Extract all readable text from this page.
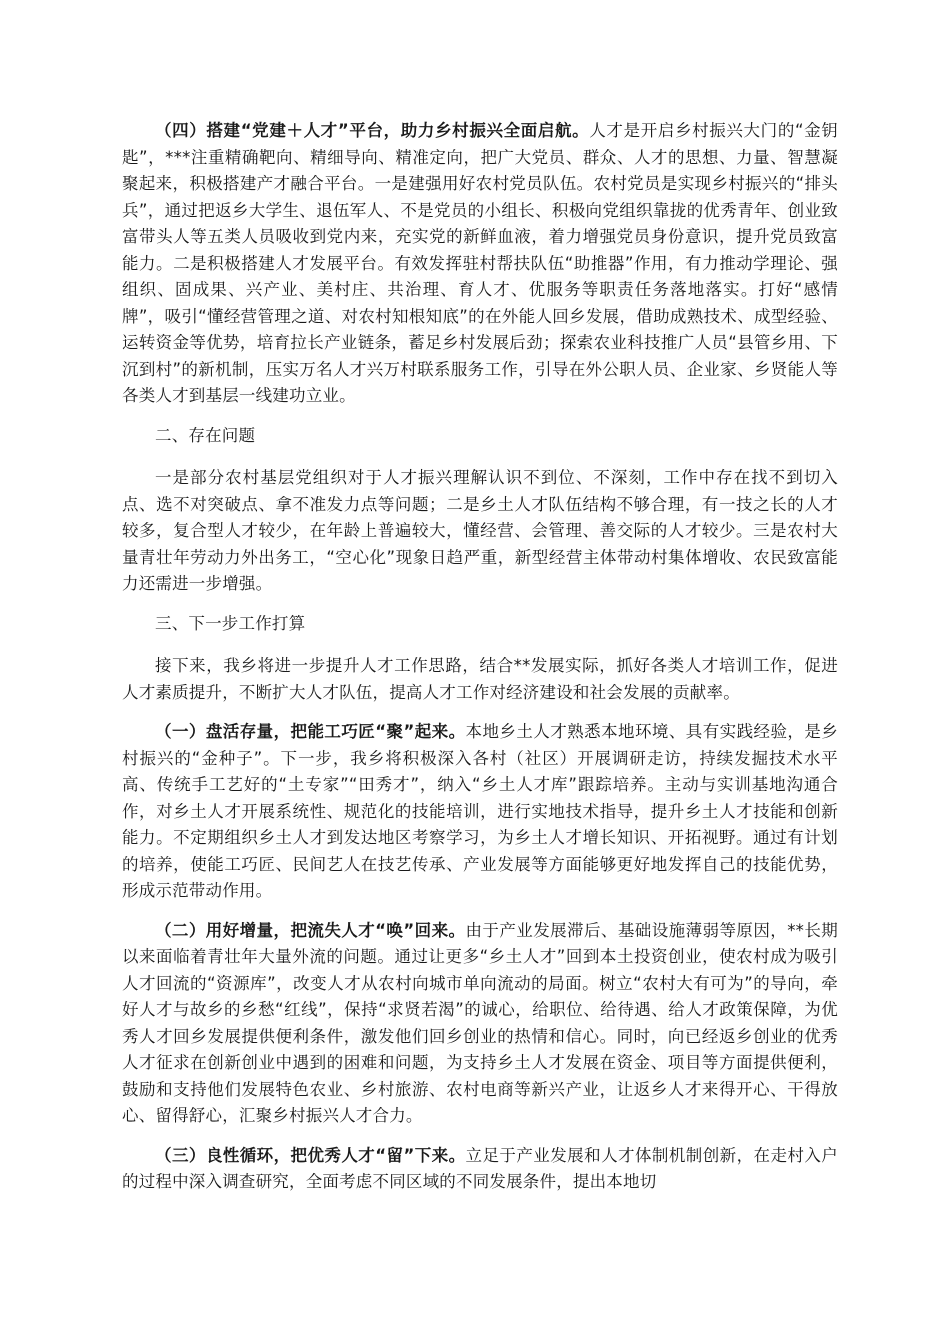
（四）搭建“党建＋人才”平台，助力乡村振兴全面启航。人才是开启乡村振兴大门的“金钥匙”，***注重精确靶向、精细导向、精准定向，把广大党员、群众、人才的思想、力量、智慧凝聚起来，积极搭建产才融合平台。一是建强用好农村党员队伍。农村党员是实现乡村振兴的“排头兵”，通过把返乡大学生、退伍军人、不是党员的小组长、积极向党组织靠拢的优秀青年、创业致富带头人等五类人员吸收到党内来，充实党的新鲜血液，着力增强党员身份意识，提升党员致富能力。二是积极搭建人才发展平台。有效发挥驻村帮扶队伍“助推器”作用，有力推动学理论、强组织、固成果、兴产业、美村庄、共治理、育人才、优服务等职责任务落地落实。打好“感情牌”，吸引“懂经营管理之道、对农村知根知底”的在外能人回乡发展，借助成熟技术、成型经验、运转资金等优势，培育拉长产业链条，蓄足乡村发展后劲；探索农业科技推广人员“县管乡用、下沉到村”的新机制，压实万名人才兴万村联系服务工作，引导在外公职人员、企业家、乡贤能人等各类人才到基层一线建功立业。

二、存在问题

一是部分农村基层党组织对于人才振兴理解认识不到位、不深刻，工作中存在找不到切入点、选不对突破点、拿不准发力点等问题；二是乡土人才队伍结构不够合理，有一技之长的人才较多，复合型人才较少，在年龄上普遍较大，懂经营、会管理、善交际的人才较少。三是农村大量青壮年劳动力外出务工，“空心化”现象日趋严重，新型经营主体带动村集体增收、农民致富能力还需进一步增强。

三、下一步工作打算

接下来，我乡将进一步提升人才工作思路，结合**发展实际，抓好各类人才培训工作，促进人才素质提升，不断扩大人才队伍，提高人才工作对经济建设和社会发展的贡献率。

（一）盘活存量，把能工巧匠“聚”起来。本地乡土人才熟悉本地环境、具有实践经验，是乡村振兴的“金种子”。下一步，我乡将积极深入各村（社区）开展调研走访，持续发掘技术水平高、传统手工艺好的“土专家”“田秀才”，纳入“乡土人才库”跟踪培养。主动与实训基地沟通合作，对乡土人才开展系统性、规范化的技能培训，进行实地技术指导，提升乡土人才技能和创新能力。不定期组织乡土人才到发达地区考察学习，为乡土人才增长知识、开拓视野。通过有计划的培养，使能工巧匠、民间艺人在技艺传承、产业发展等方面能够更好地发挥自己的技能优势，形成示范带动作用。

（二）用好增量，把流失人才“唤”回来。由于产业发展滞后、基础设施薄弱等原因，**长期以来面临着青壮年大量外流的问题。通过让更多“乡土人才”回到本土投资创业，使农村成为吸引人才回流的“资源库”，改变人才从农村向城市单向流动的局面。树立“农村大有可为”的导向，牵好人才与故乡的乡愁“红线”，保持“求贤若渴”的诚心，给职位、给待遇、给人才政策保障，为优秀人才回乡发展提供便利条件，激发他们回乡创业的热情和信心。同时，向已经返乡创业的优秀人才征求在创新创业中遇到的困难和问题，为支持乡土人才发展在资金、项目等方面提供便利，鼓励和支持他们发展特色农业、乡村旅游、农村电商等新兴产业，让返乡人才来得开心、干得放心、留得舒心，汇聚乡村振兴人才合力。

（三）良性循环，把优秀人才“留”下来。立足于产业发展和人才体制机制创新，在走村入户的过程中深入调查研究，全面考虑不同区域的不同发展条件，提出本地切
